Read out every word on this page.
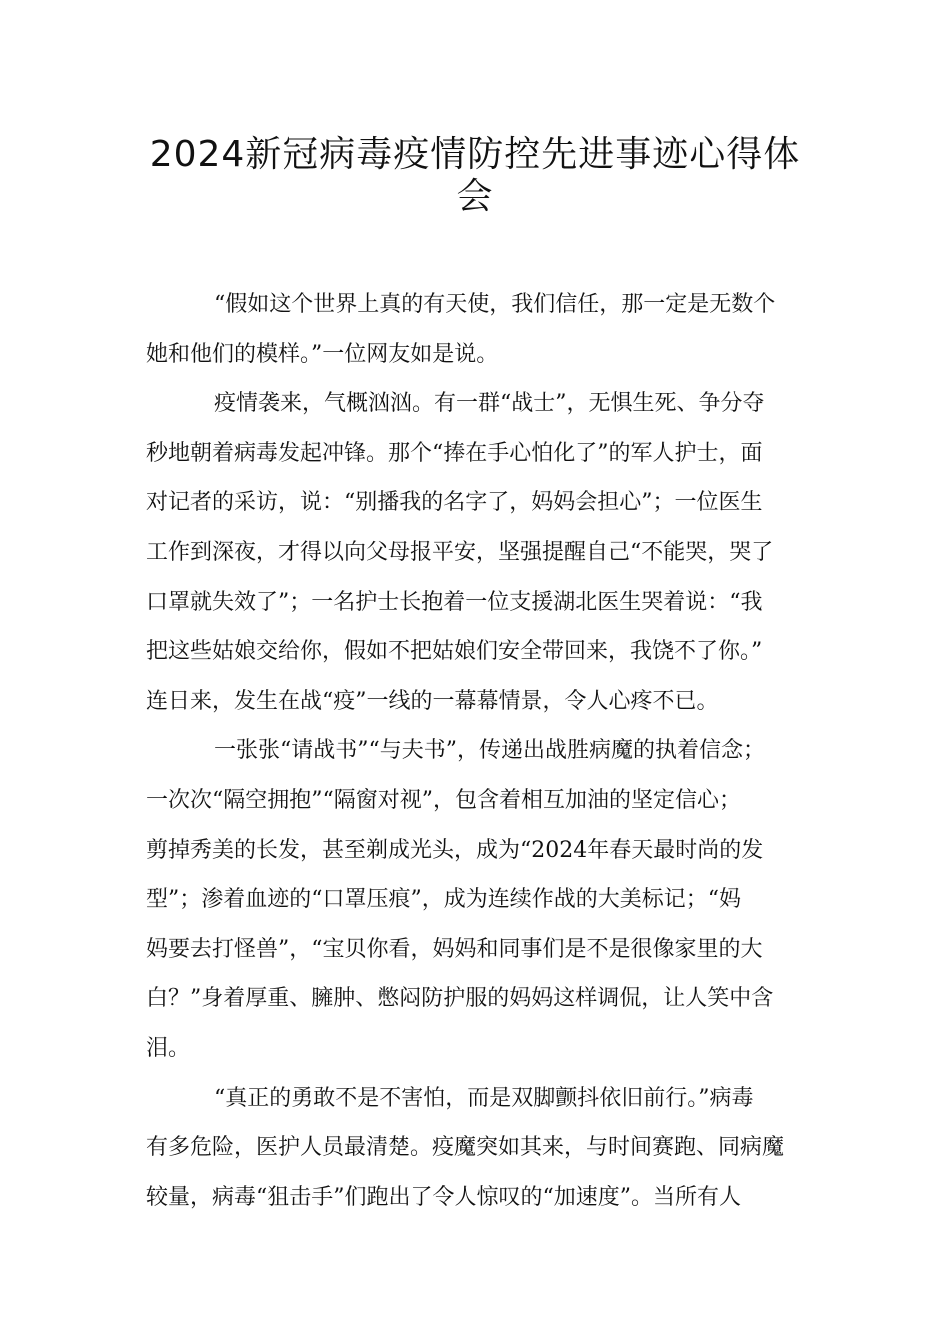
2024新冠病毒疫情防控先进事迹心得体
会

“假如这个世界上真的有天使，我们信任，那一定是无数个
她和他们的模样。”一位网友如是说。

疫情袭来，气概汹汹。有一群“战士”，无惧生死、争分夺
秒地朝着病毒发起冲锋。那个“捧在手心怕化了”的军人护士，面
对记者的采访，说：“别播我的名字了，妈妈会担心”；一位医生
工作到深夜，才得以向父母报平安，坚强提醒自己“不能哭，哭了
口罩就失效了”；一名护士长抱着一位支援湖北医生哭着说：“我
把这些姑娘交给你，假如不把姑娘们安全带回来，我饶不了你。”
连日来，发生在战“疫”一线的一幕幕情景，令人心疼不已。

一张张“请战书”“与夫书”，传递出战胜病魔的执着信念；
一次次“隔空拥抱”“隔窗对视”，包含着相互加油的坚定信心；
剪掉秀美的长发，甚至剃成光头，成为“2024年春天最时尚的发
型”；渗着血迹的“口罩压痕”，成为连续作战的大美标记；“妈
妈要去打怪兽”，“宝贝你看，妈妈和同事们是不是很像家里的大
白？”身着厚重、臃肿、憋闷防护服的妈妈这样调侃，让人笑中含
泪。

“真正的勇敢不是不害怕，而是双脚颤抖依旧前行。”病毒
有多危险，医护人员最清楚。疫魔突如其来，与时间赛跑、同病魔
较量，病毒“狙击手”们跑出了令人惊叹的“加速度”。当所有人
